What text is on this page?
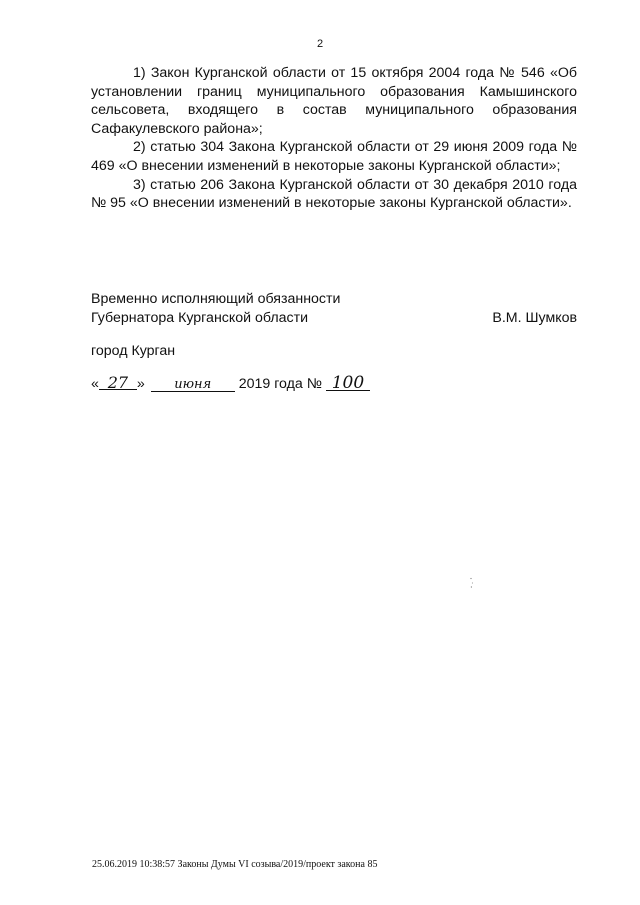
2

1) Закон Курганской области от 15 октября 2004 года № 546 «Об установлении границ муниципального образования Камышинского сельсовета, входящего в состав муниципального образования Сафакулевского района»;

2) статью 304 Закона Курганской области от 29 июня 2009 года № 469 «О внесении изменений в некоторые законы Курганской области»;

3) статью 206 Закона Курганской области от 30 декабря 2010 года № 95 «О внесении изменений в некоторые законы Курганской области».

Временно исполняющий обязанности
Губернатора Курганской области	В.М. Шумков
город Курган
« 27 » июня 2019 года № 100
25.06.2019 10:38:57 Законы Думы VI созыва/2019/проект закона 85
